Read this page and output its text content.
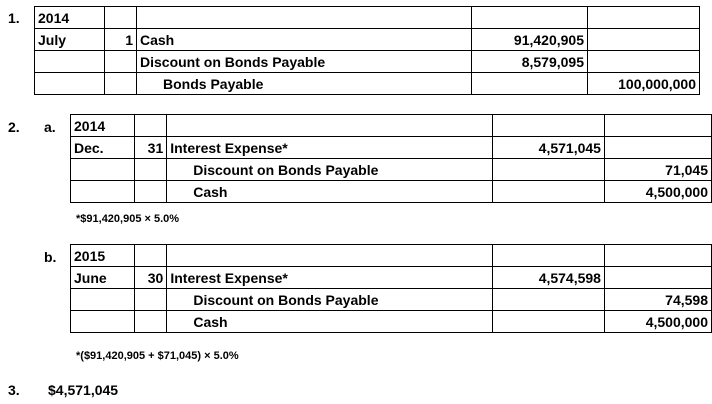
1. 2014				
July	1	Cash	91,420,905	
		Discount on Bonds Payable	8,579,095	
		Bonds Payable		100,000,000
2. a. 2014				
Dec.	31	Interest Expense*	4,571,045	
		Discount on Bonds Payable		71,045
		Cash		4,500,000
*$91,420,905 × 5.0%
b. 2015				
June	30	Interest Expense*	4,574,598	
		Discount on Bonds Payable		74,598
		Cash		4,500,000
*($91,420,905 + $71,045) × 5.0%
3. $4,571,045
